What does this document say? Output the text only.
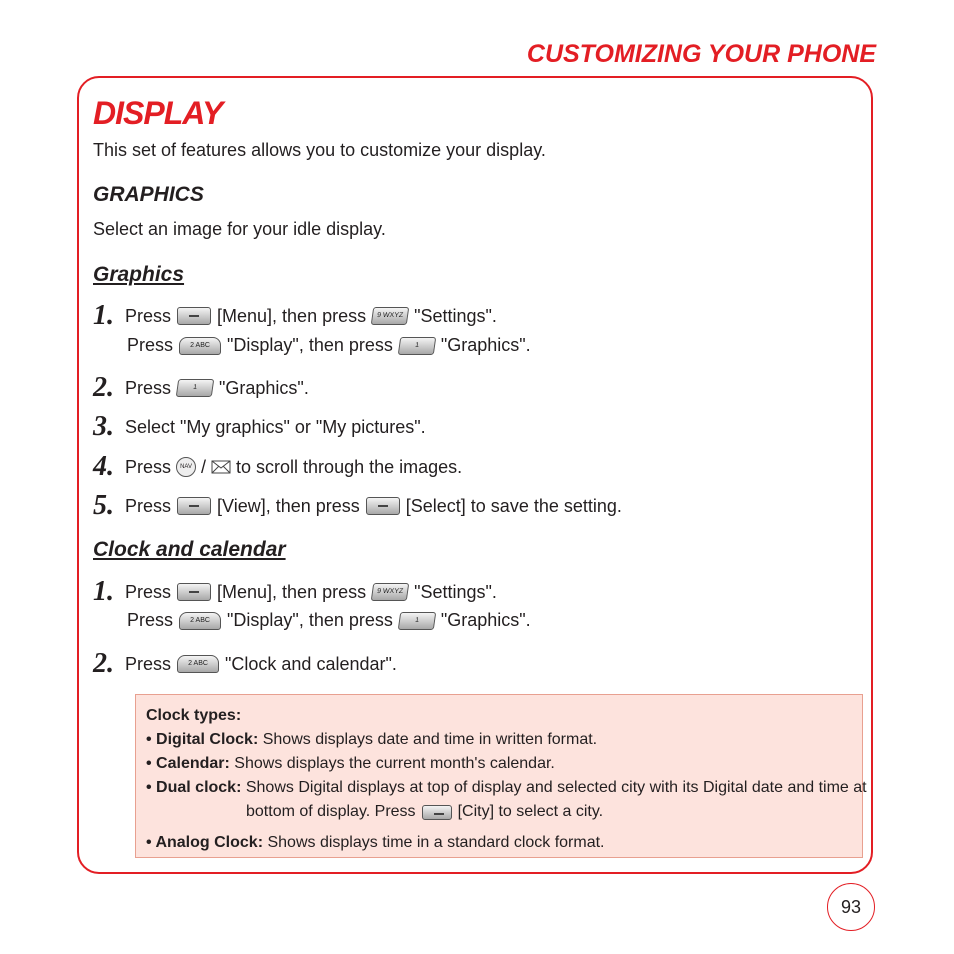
CUSTOMIZING YOUR PHONE
DISPLAY
This set of features allows you to customize your display.
GRAPHICS
Select an image for your idle display.
Graphics
1. Press	[Menu], then press	9 WXYZ "Settings".
Press	2 ABC "Display", then press	1	"Graphics".
2. Press	1	"Graphics".
3. Select "My graphics" or "My pictures".
4. Press	NAV / to scroll through the images.
5. Press	[View], then press	[Select] to save the setting.
Clock and calendar
1. Press	[Menu], then press	9 WXYZ "Settings".
Press	2 ABC "Display", then press	1	"Graphics".
2. Press	2 ABC "Clock and calendar".
Clock types:
• Digital Clock: Shows displays date and time in written format.
• Calendar: Shows displays the current month's calendar.
• Dual clock: Shows Digital displays at top of display and selected city with its Digital date and time at
bottom of display. Press	[City] to select a city.
• Analog Clock: Shows displays time in a standard clock format.
93
